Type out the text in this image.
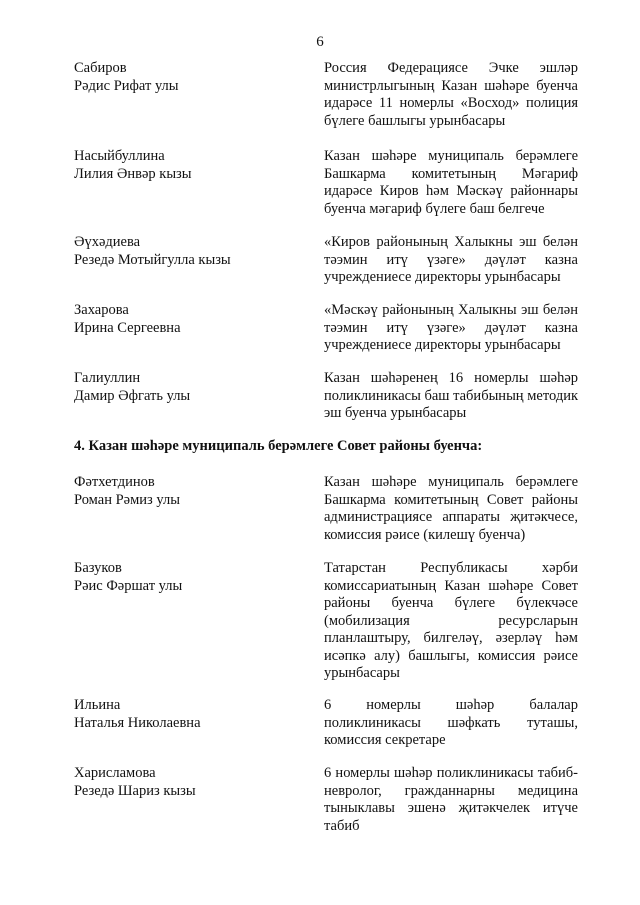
6
Сабиров
Рәдис Рифат улы
Россия Федерациясе Эчке эшләр министрлыгының Казан шәһәре буенча идарәсе 11 номерлы «Восход» полиция бүлеге башлыгы урынбасары
Насыйбуллина
Лилия Әнвәр кызы
Казан шәһәре муниципаль берәмлеге Башкарма комитетының Мәгариф идарәсе Киров һәм Мәскәү районнары буенча мәгариф бүлеге баш белгече
Әүхәдиева
Резедә Мотыйгулла кызы
«Киров районының Халыкны эш белән тәэмин итү үзәге» дәүләт казна учреждениесе директоры урынбасары
Захарова
Ирина Сергеевна
«Мәскәү районының Халыкны эш белән тәэмин итү үзәге» дәүләт казна учреждениесе директоры урынбасары
Галиуллин
Дамир Әфгать улы
Казан шәһәренең 16 номерлы шәһәр поликлиникасы баш табибының методик эш буенча урынбасары
4. Казан шәһәре муниципаль берәмлеге Совет районы буенча:
Фәтхетдинов
Роман Рәмиз улы
Казан шәһәре муниципаль берәмлеге Башкарма комитетының Совет районы администрациясе аппараты җитәкчесе, комиссия рәисе (килешү буенча)
Базуков
Рәис Фәршат улы
Татарстан Республикасы хәрби комиссариатының Казан шәһәре Совет районы буенча бүлеге бүлекчәсе (мобилизация ресурсларын планлаштыру, билгеләү, әзерләү һәм исәпкә алу) башлыгы, комиссия рәисе урынбасары
Ильина
Наталья Николаевна
6 номерлы шәһәр балалар поликлиникасы шәфкать туташы, комиссия секретаре
Харисламова
Резедә Шариз кызы
6 номерлы шәһәр поликлиникасы табиб-невролог, гражданнарны медицина тыныклавы эшенә җитәкчелек итүче табиб
